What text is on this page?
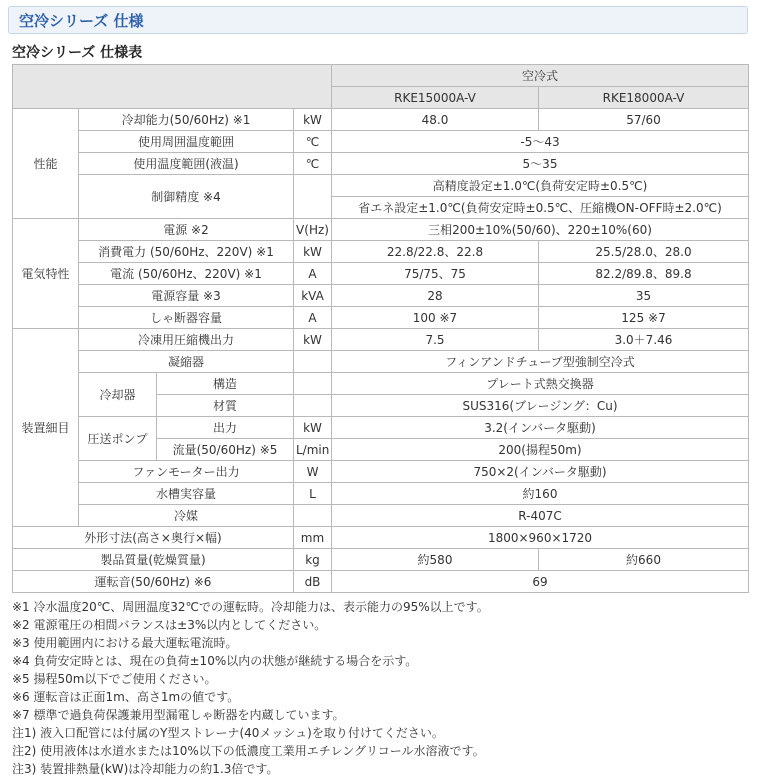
空冷シリーズ 仕様
空冷シリーズ 仕様表
				空冷式	
				RKE15000A-V	RKE18000A-V
性能	冷却能力(50/60Hz) ※1		kW	48.0	57/60
	使用周囲温度範囲		℃	-5～43	
	使用温度範囲(液温)		℃	5～35	
	制御精度 ※4			高精度設定±1.0℃(負荷安定時±0.5℃)	
				省エネ設定±1.0℃(負荷安定時±0.5℃、圧縮機ON-OFF時±2.0℃)	
電気特性	電源 ※2		V(Hz)	三相200±10%(50/60)、220±10%(60)	
	消費電力 (50/60Hz、220V) ※1		kW	22.8/22.8、22.8	25.5/28.0、28.0
	電流 (50/60Hz、220V) ※1		A	75/75、75	82.2/89.8、89.8
	電源容量 ※3		kVA	28	35
	しゃ断器容量		A	100 ※7	125 ※7
装置細目	冷凍用圧縮機出力		kW	7.5	3.0＋7.46
	凝縮器			フィンアンドチューブ型強制空冷式	
	冷却器	構造		プレート式熱交換器	
		材質		SUS316(ブレージング：Cu)	
	圧送ポンプ	出力	kW	3.2(インバータ駆動)	
		流量(50/60Hz) ※5	L/min	200(揚程50m)	
	ファンモーター出力		W	750×2(インバータ駆動)	
	水槽実容量		L	約160	
	冷媒			R-407C	
外形寸法(高さ×奥行×幅)			mm	1800×960×1720	
製品質量(乾燥質量)			kg	約580	約660
運転音(50/60Hz) ※6			dB	69	
※1 冷水温度20℃、周囲温度32℃での運転時。冷却能力は、表示能力の95%以上です。
※2 電源電圧の相間バランスは±3%以内としてください。
※3 使用範囲内における最大運転電流時。
※4 負荷安定時とは、現在の負荷±10%以内の状態が継続する場合を示す。
※5 揚程50m以下でご使用ください。
※6 運転音は正面1m、高さ1mの値です。
※7 標準で過負荷保護兼用型漏電しゃ断器を内蔵しています。
注1) 液入口配管には付属のY型ストレーナ(40メッシュ)を取り付けてください。
注2) 使用液体は水道水または10%以下の低濃度工業用エチレングリコール水溶液です。
注3) 装置排熱量(kW)は冷却能力の約1.3倍です。
